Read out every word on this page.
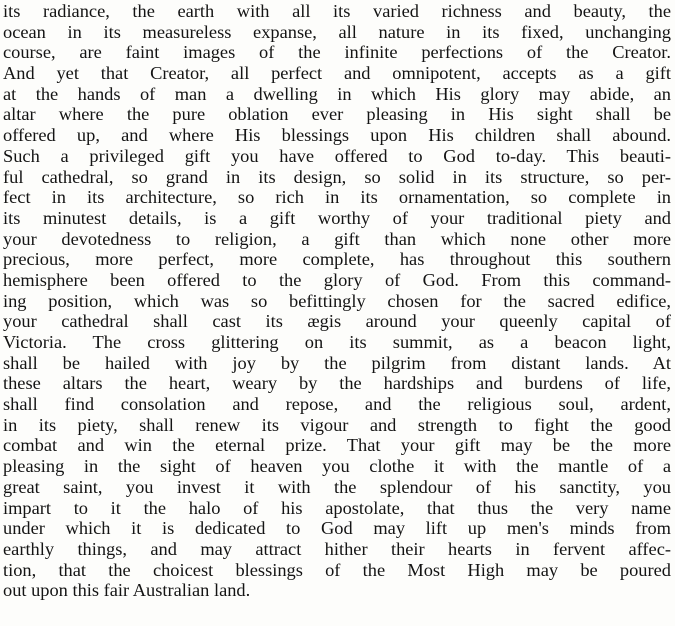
its radiance, the earth with all its varied richness and beauty, the
ocean in its measureless expanse, all nature in its fixed, unchanging
course, are faint images of the infinite perfections of the Creator.
And yet that Creator, all perfect and omnipotent, accepts as a gift
at the hands of man a dwelling in which His glory may abide, an
altar where the pure oblation ever pleasing in His sight shall be
offered up, and where His blessings upon His children shall abound.
Such a privileged gift you have offered to God to-day. This beauti-
ful cathedral, so grand in its design, so solid in its structure, so per-
fect in its architecture, so rich in its ornamentation, so complete in
its minutest details, is a gift worthy of your traditional piety and
your devotedness to religion, a gift than which none other more
precious, more perfect, more complete, has throughout this southern
hemisphere been offered to the glory of God. From this command-
ing position, which was so befittingly chosen for the sacred edifice,
your cathedral shall cast its ægis around your queenly capital of
Victoria. The cross glittering on its summit, as a beacon light,
shall be hailed with joy by the pilgrim from distant lands. At
these altars the heart, weary by the hardships and burdens of life,
shall find consolation and repose, and the religious soul, ardent,
in its piety, shall renew its vigour and strength to fight the good
combat and win the eternal prize. That your gift may be the more
pleasing in the sight of heaven you clothe it with the mantle of a
great saint, you invest it with the splendour of his sanctity, you
impart to it the halo of his apostolate, that thus the very name
under which it is dedicated to God may lift up men's minds from
earthly things, and may attract hither their hearts in fervent affec-
tion, that the choicest blessings of the Most High may be poured
out upon this fair Australian land.
